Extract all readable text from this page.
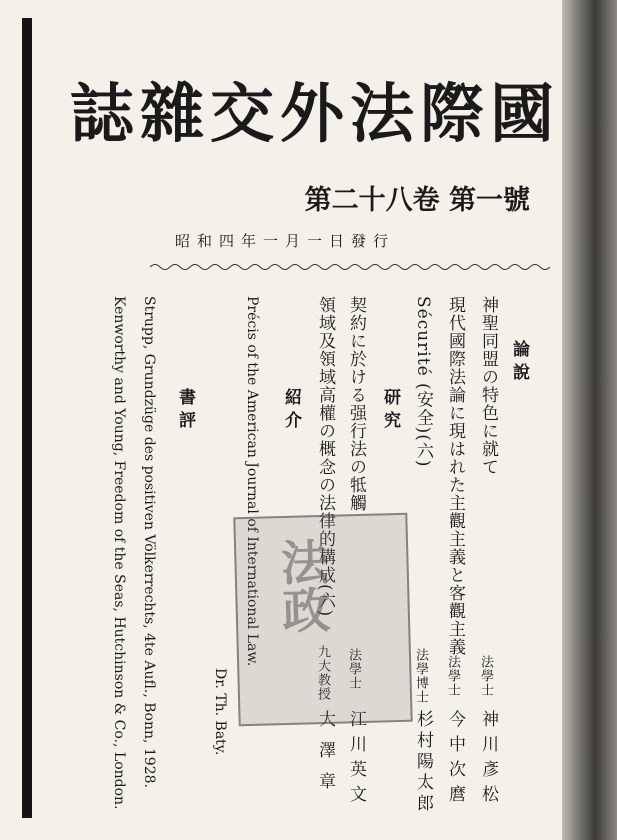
國
際
法
外
交
雜
誌
第二十八卷 第一號
昭和四年一月一日發行
論 說
神聖同盟の特色に就て
法學士
神川彥松
現代國際法論に現はれた主觀主義と客觀主義
法學士
今中次麿
Sécurité (安全)(六)
法學博士
杉村陽太郎
研 究
契約に於ける强行法の牴觸
法學士
江川英文
領域及領域高權の概念の法律的構成(六)
九大教授
大澤章
紹 介
Précis of the American Journal of International Law.
Dr. Th. Baty.
書 評
Strupp, Grundzüge des positiven Völkerrechts, 4te Aufl., Bonn, 1928.
Kenworthy and Young, Freedom of the Seas, Hutchinson & Co., London.	法政
